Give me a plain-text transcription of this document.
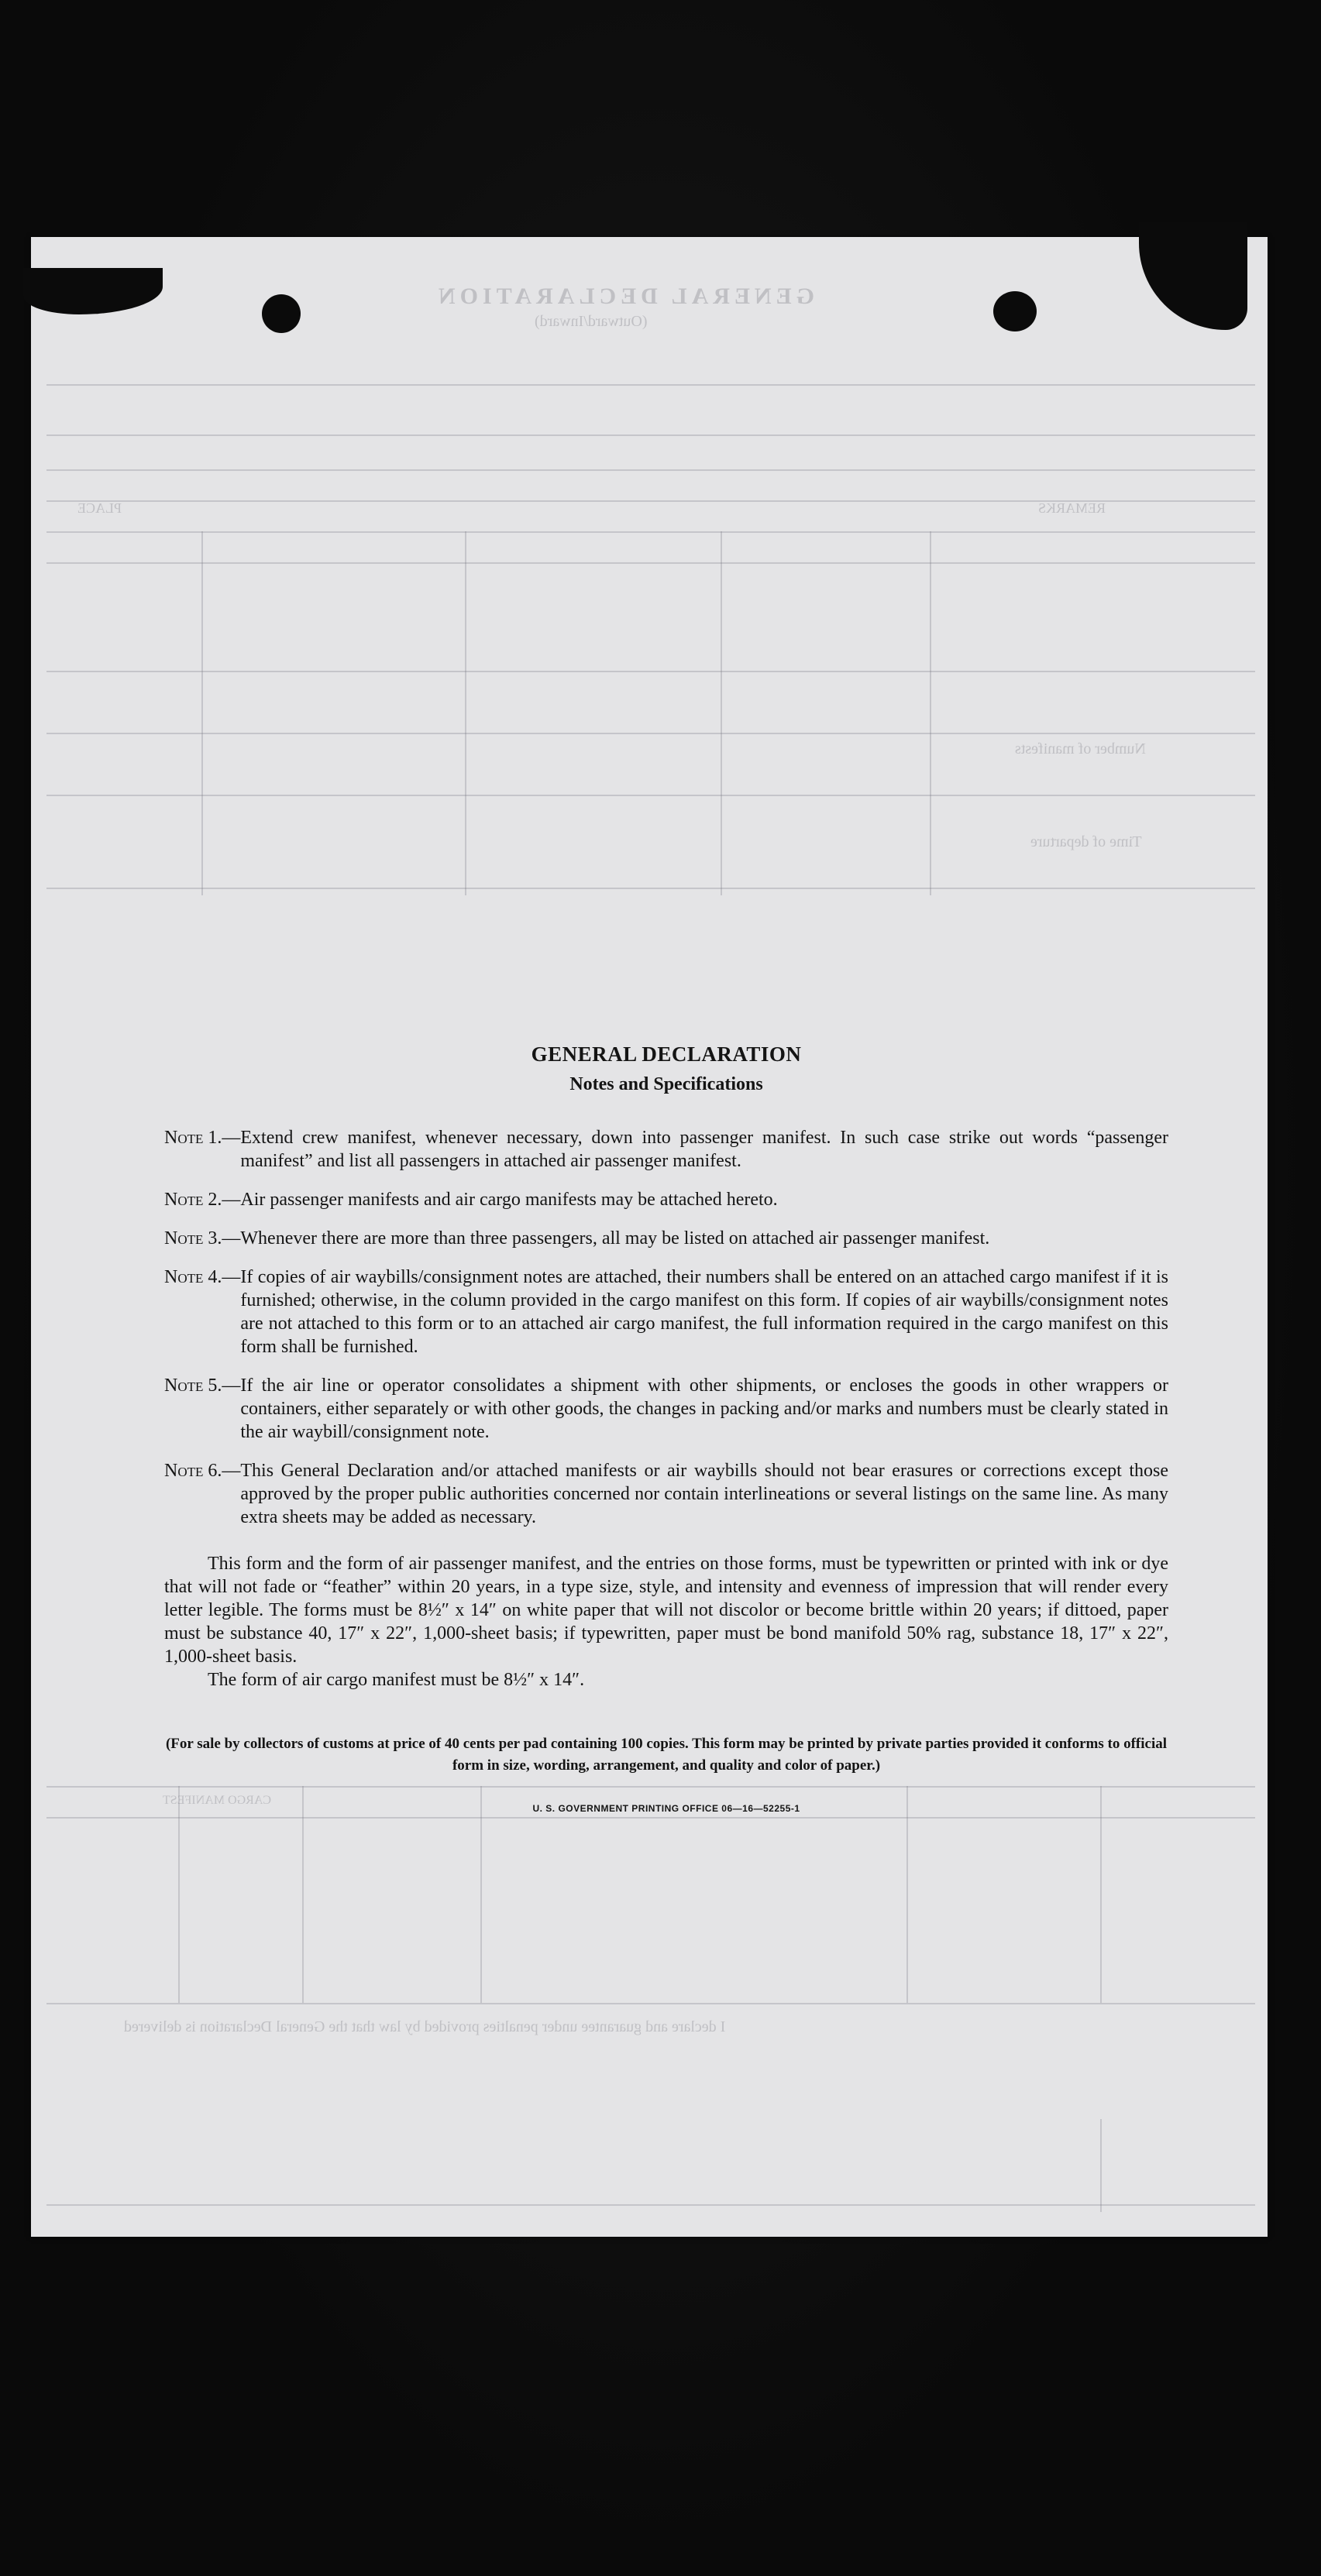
GENERAL DECLARATION
(Outward/Inward)
PLACE	REMARKS
Number of manifests
Time of departure
CARGO MANIFEST
I declare and guarantee under penalties provided by law that the General Declaration is delivered
GENERAL DECLARATION
Notes and Specifications
Note 1. — Extend crew manifest, whenever necessary, down into passenger manifest. In such case strike out words “passenger manifest” and list all passengers in attached air passenger manifest.
Note 2. — Air passenger manifests and air cargo manifests may be attached hereto.
Note 3. — Whenever there are more than three passengers, all may be listed on attached air passenger manifest.
Note 4. — If copies of air waybills/consignment notes are attached, their numbers shall be entered on an attached cargo manifest if it is furnished; otherwise, in the column provided in the cargo manifest on this form. If copies of air waybills/consignment notes are not attached to this form or to an attached air cargo manifest, the full information required in the cargo manifest on this form shall be furnished.
Note 5. — If the air line or operator consolidates a shipment with other shipments, or encloses the goods in other wrappers or containers, either separately or with other goods, the changes in packing and/or marks and numbers must be clearly stated in the air waybill/consignment note.
Note 6. — This General Declaration and/or attached manifests or air waybills should not bear erasures or corrections except those approved by the proper public authorities concerned nor contain interlineations or several listings on the same line. As many extra sheets may be added as necessary.

This form and the form of air passenger manifest, and the entries on those forms, must be typewritten or printed with ink or dye that will not fade or “feather” within 20 years, in a type size, style, and intensity and evenness of impression that will render every letter legible. The forms must be 8½″ x 14″ on white paper that will not discolor or become brittle within 20 years; if dittoed, paper must be substance 40, 17″ x 22″, 1,000-sheet basis; if typewritten, paper must be bond manifold 50% rag, substance 18, 17″ x 22″, 1,000-sheet basis.

The form of air cargo manifest must be 8½″ x 14″.

(For sale by collectors of customs at price of 40 cents per pad containing 100 copies. This form may be printed by private parties provided it conforms to official form in size, wording, arrangement, and quality and color of paper.)
U. S. GOVERNMENT PRINTING OFFICE 06—16—52255-1
